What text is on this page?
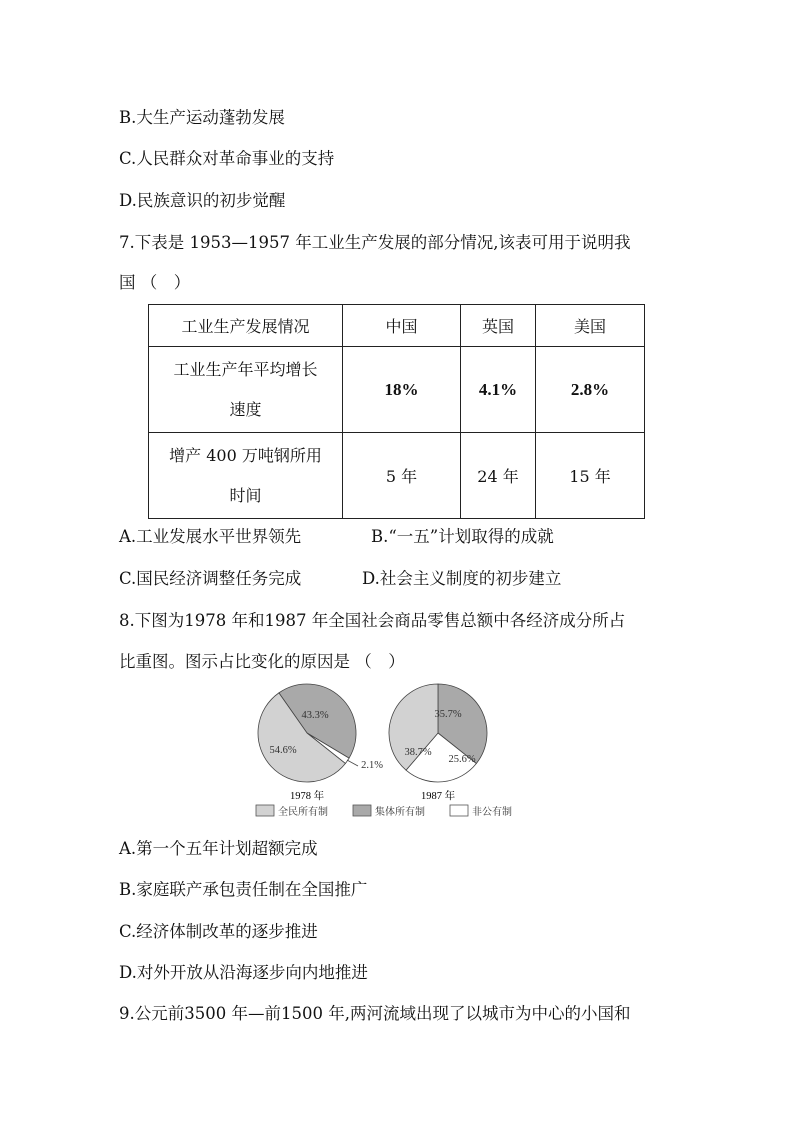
B.大生产运动蓬勃发展
C.人民群众对革命事业的支持
D.民族意识的初步觉醒
7.下表是 1953—1957 年工业生产发展的部分情况,该表可用于说明我
国 （　）
工业生产发展情况	中国	英国	美国

工业生产年平均增长
速度	18%	4.1%	2.8%

增产 400 万吨钢所用
时间	5 年	24 年	15 年
A.工业发展水平世界领先	B.“一五”计划取得的成就
C.国民经济调整任务完成	D.社会主义制度的初步建立
8.下图为1978 年和1987 年全国社会商品零售总额中各经济成分所占
比重图。图示占比变化的原因是 （　）
54.6%
43.3%
2.1%
38.7%
35.7%
25.6%
1978 年	1987 年
全民所有制	集体所有制	非公有制
A.第一个五年计划超额完成
B.家庭联产承包责任制在全国推广
C.经济体制改革的逐步推进
D.对外开放从沿海逐步向内地推进
9.公元前3500 年—前1500 年,两河流域出现了以城市为中心的小国和
